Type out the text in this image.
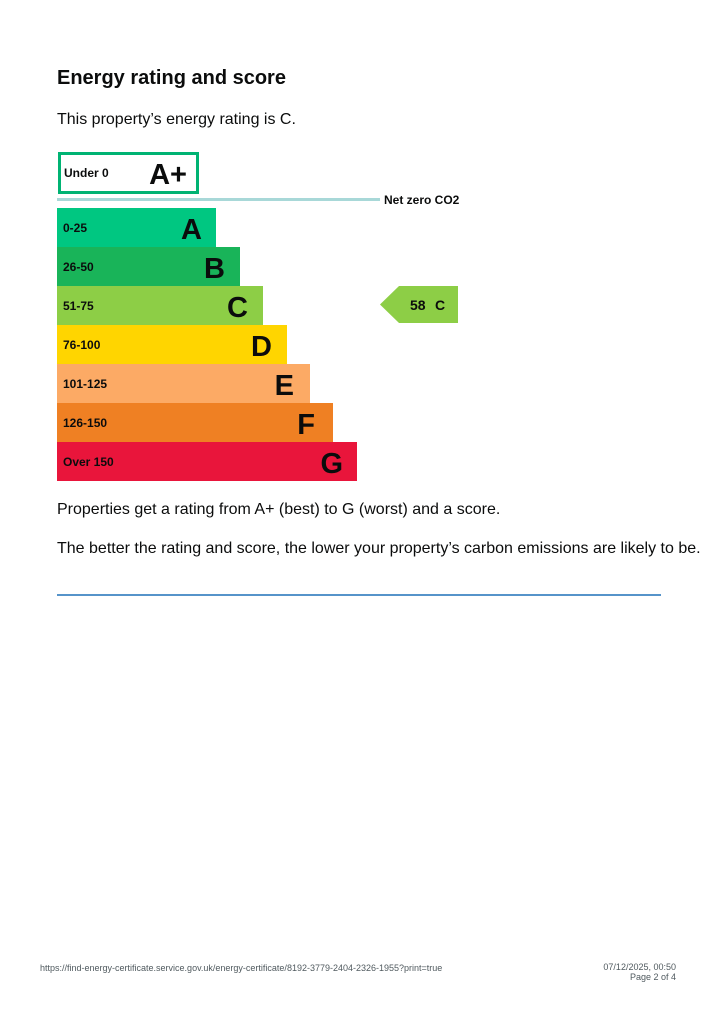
Energy rating and score

This property’s energy rating is C.

Under 0 A+
Net zero CO2
0-25	A
26-50	B
51-75	C
76-100	D
101-125	E
126-150	F
Over 150	G
58 C

Properties get a rating from A+ (best) to G (worst) and a score.

The better the rating and score, the lower your property’s carbon emissions are likely to be.

https://find-energy-certificate.service.gov.uk/energy-certificate/8192-3779-2404-2326-1955?print=true	07/12/2025, 00:50
Page 2 of 4
